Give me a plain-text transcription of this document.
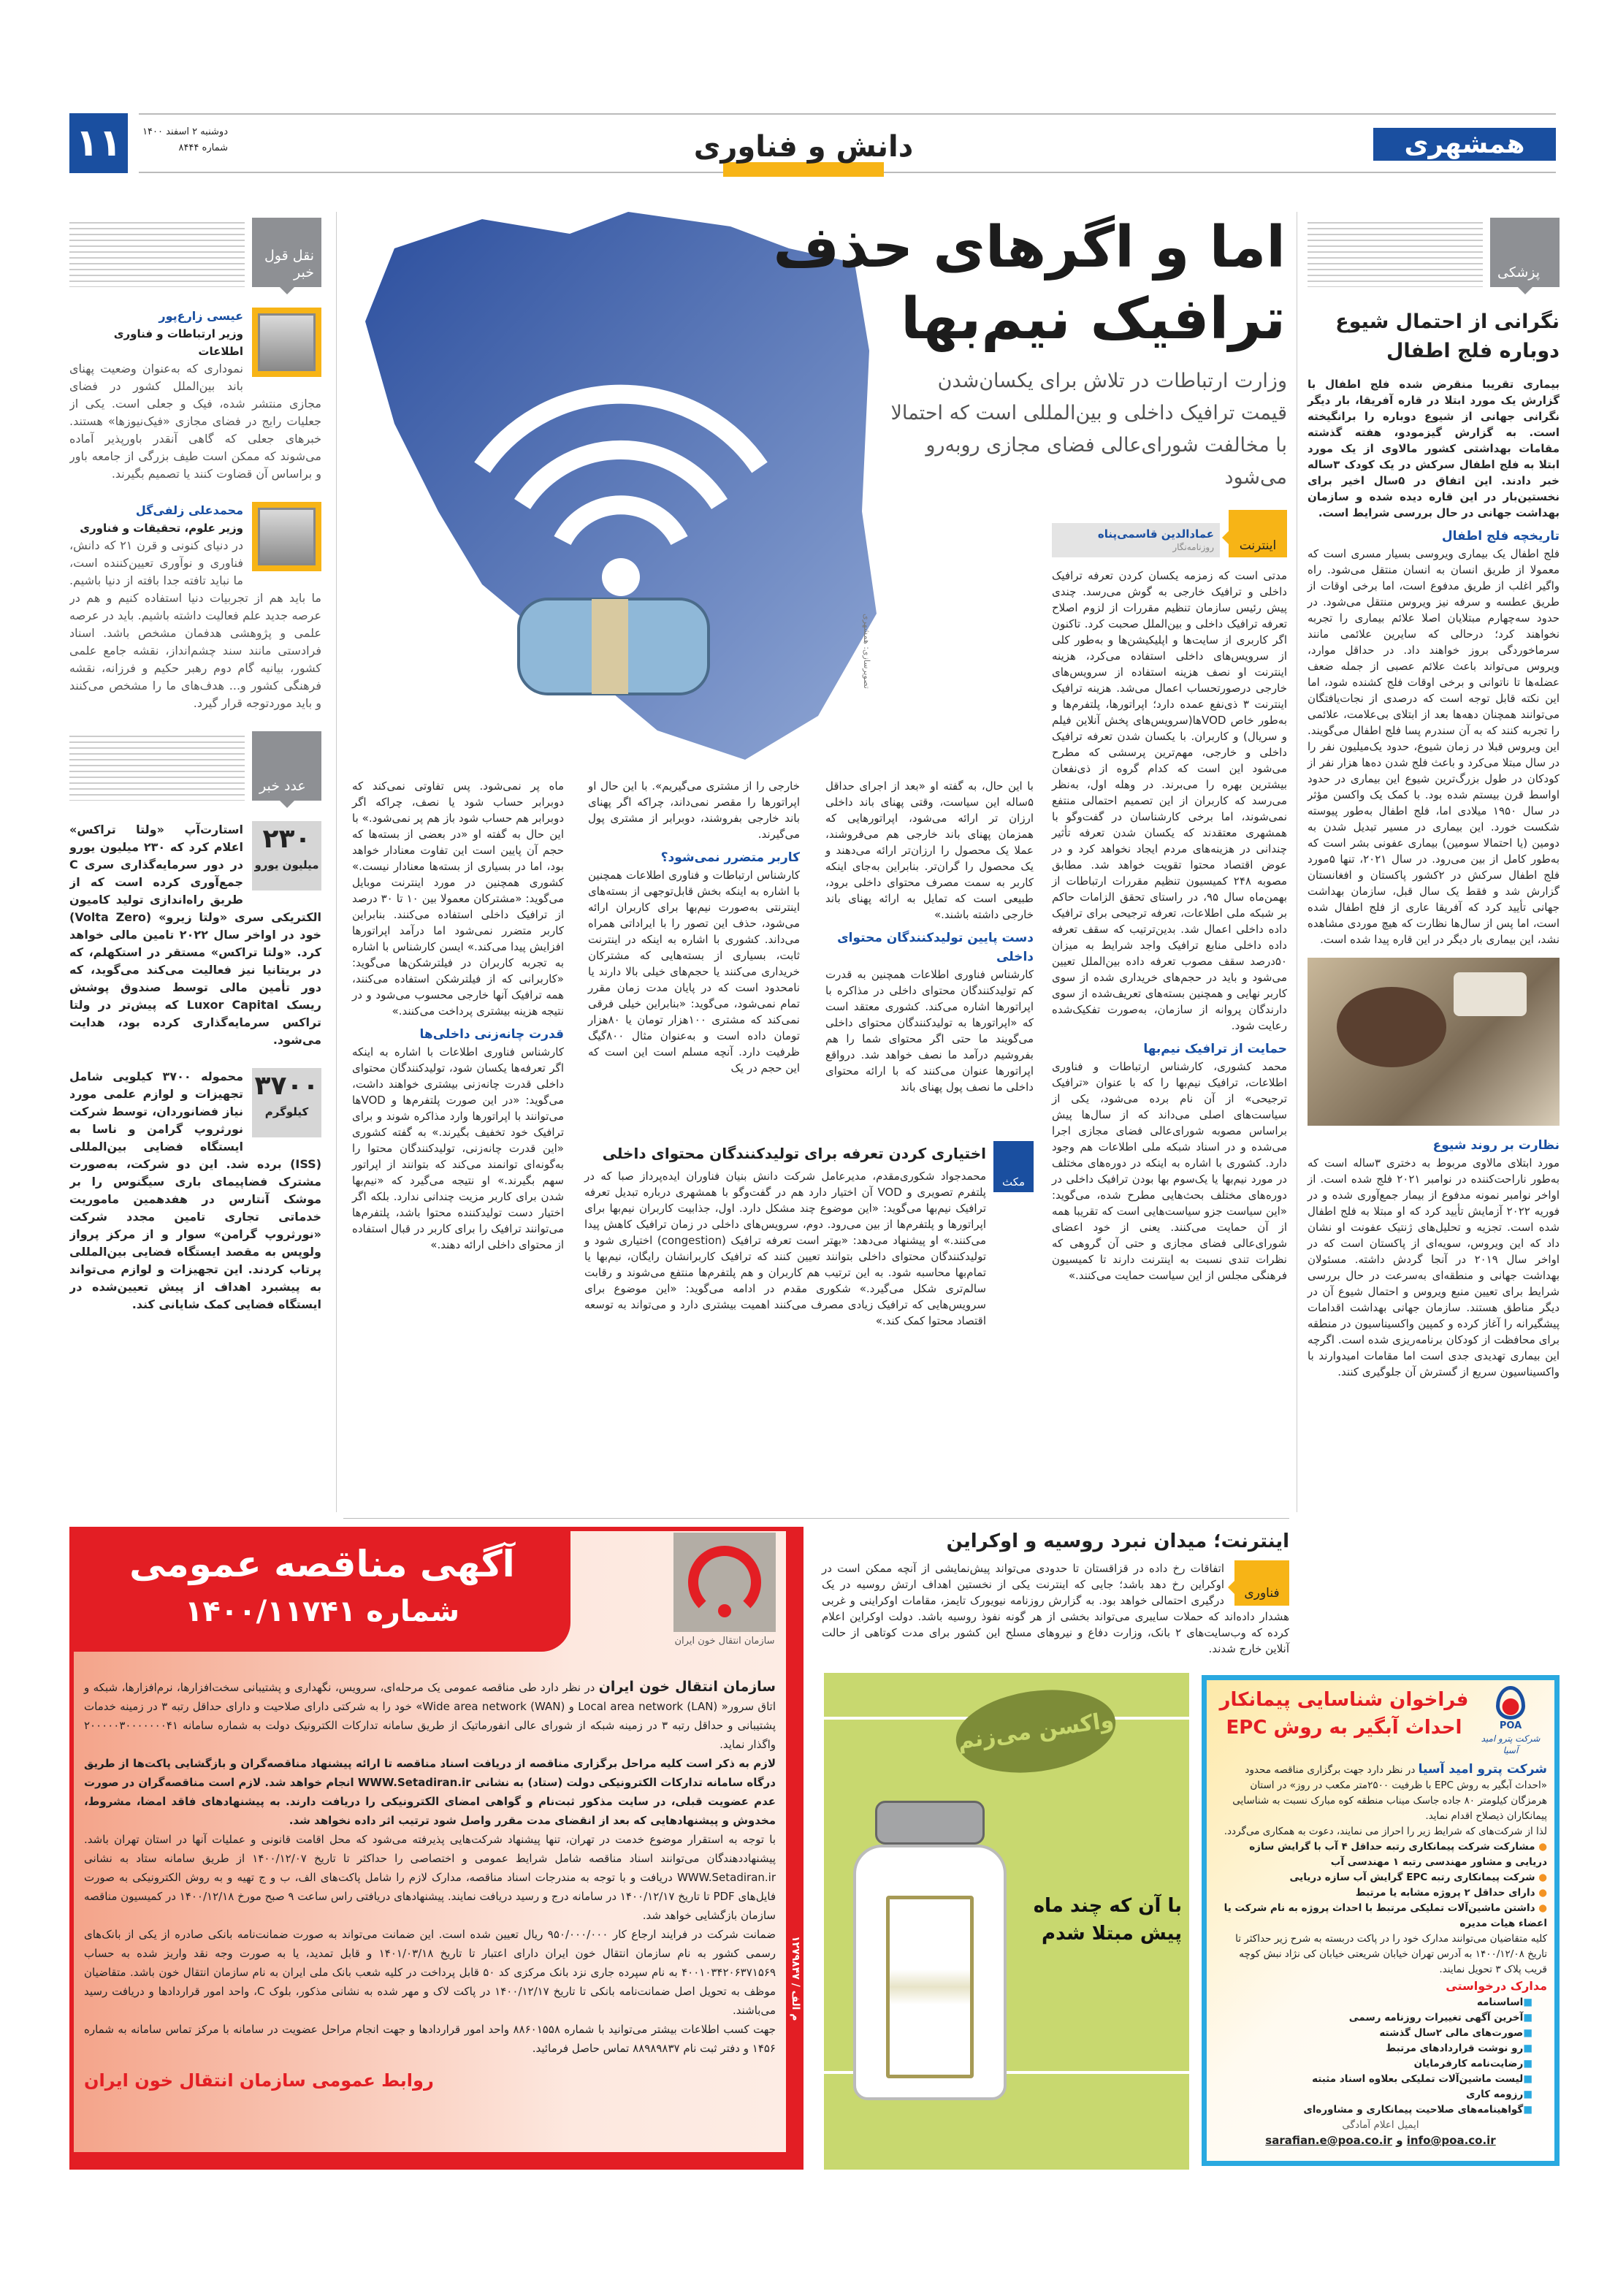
۱۱	دوشنبه ۲ اسفند ۱۴۰۰
شماره ۸۴۴۴	دانش و فناوری	همشهری
پزشکی
نگرانی از احتمال شیوع دوباره فلج اطفال
بیماری تقریبا منقرض شده فلج اطفال با گزارش یک مورد ابتلا در قاره آفریقا، بار دیگر نگرانی جهانی از شیوع دوباره را برانگیخته است. به گزارش گیزمودو، هفته گذشته مقامات بهداشتی کشور مالاوی از یک مورد ابتلا به فلج اطفال سرکش در یک کودک ۳ساله خبر دادند. این اتفاق در ۵سال اخیر برای نخستین‌بار در این قاره دیده شده و سازمان بهداشت جهانی در حال بررسی شرایط است.
تاریخچه فلج اطفال
فلج اطفال یک بیماری ویروسی بسیار مسری است که معمولا از طریق انسان به انسان منتقل می‌شود. راه واگیر اغلب از طریق مدفوع است، اما برخی اوقات از طریق عطسه و سرفه نیز ویروس منتقل می‌شود. در حدود سه‌چهارم مبتلایان اصلا علائم بیماری را تجربه نخواهند کرد؛ درحالی که سایرین علائمی مانند سرماخوردگی بروز خواهند داد. در حداقل موارد، ویروس می‌تواند باعث علائم عصبی از جمله ضعف عضله‌ها تا ناتوانی و برخی اوقات فلج کشنده شود، اما این نکته قابل توجه است که درصدی از نجات‌یافتگان می‌توانند همچنان دهه‌ها بعد از ابتلای بی‌علامت، علائمی را تجربه کنند که به آن سندرم پسا فلج اطفال می‌گویند. این ویروس قبلا در زمان شیوع، حدود یک‌میلیون نفر را در سال مبتلا می‌کرد و باعث فلج شدن ده‌ها هزار نفر از کودکان در طول بزرگ‌ترین شیوع این بیماری در حدود اواسط قرن بیستم شده بود. با کمک یک واکسن مؤثر در سال ۱۹۵۰ میلادی اما، فلج اطفال به‌طور پیوسته شکست خورد. این بیماری در مسیر تبدیل شدن به دومین (یا احتمالا سومین) بیماری عفونی بشر است که به‌طور کامل از بین می‌رود. در سال ۲۰۲۱، تنها ۵مورد فلج اطفال سرکش در ۲کشور پاکستان و افغانستان گزارش شد و فقط یک سال قبل، سازمان بهداشت جهانی تأیید کرد که آفریقا عاری از فلج اطفال شده است، اما پس از سال‌ها نظارت که هیچ موردی مشاهده نشد، این بیماری بار دیگر در این قاره پیدا شده است.
نظارت بر روند شیوع
مورد ابتلای مالاوی مربوط به دختری ۳ساله است که به‌طور ناراحت‌کننده در نوامبر ۲۰۲۱ فلج شده است. از اواخر نوامبر نمونه مدفوع از بیمار جمع‌آوری شده و در فوریه ۲۰۲۲ آزمایش تأیید کرد که او مبتلا به فلج اطفال شده است. تجزیه و تحلیل‌های ژنتیک عفونت او نشان داد که این ویروس، سویه‌ای از پاکستان است که در اواخر سال ۲۰۱۹ در آنجا گردش داشته. مسئولان بهداشت جهانی و منطقه‌ای به‌سرعت در حال بررسی شرایط برای تعیین منبع ویروس و احتمال شیوع آن در دیگر مناطق هستند. سازمان جهانی بهداشت اقدامات پیشگیرانه را آغاز کرده و کمپین واکسیناسیون در منطقه برای محافظت از کودکان برنامه‌ریزی شده است. اگرچه این بیماری تهدیدی جدی است اما مقامات امیدوارند با واکسیناسیون سریع از گسترش آن جلوگیری کنند.
تصویرسازی: همشهری
اما و اگرهای حذف
ترافیک نیم‌بها
وزارت ارتباطات در تلاش برای یکسان‌شدن قیمت ترافیک داخلی و بین‌المللی است که احتمالا با مخالفت شورای‌عالی فضای مجازی روبه‌رو می‌شود
اینترنت
عمادالدین قاسمی‌پناه
روزنامه‌نگار
مدتی است که زمزمه یکسان کردن تعرفه ترافیک داخلی و ترافیک خارجی به گوش می‌رسد. چندی پیش رئیس سازمان تنظیم مقررات از لزوم اصلاح تعرفه ترافیک داخلی و بین‌الملل صحبت کرد. تاکنون اگر کاربری از سایت‌ها و اپلیکیشن‌ها و به‌طور کلی از سرویس‌های داخلی استفاده می‌کرد، هزینه اینترنت او نصف هزینه استفاده از سرویس‌های خارجی درصورتحساب اعمال می‌شد. هزینه ترافیک اینترنت ۳ ذی‌نفع عمده دارد؛ اپراتورها، پلتفرم‌ها و به‌طور خاص VODها(سرویس‌های پخش آنلاین فیلم و سریال) و کاربران. با یکسان شدن تعرفه ترافیک داخلی و خارجی، مهم‌ترین پرسشی که مطرح می‌شود این است که کدام گروه از ذی‌نفعان بیشترین بهره را می‌برند. در وهله اول، به‌نظر می‌رسد که کاربران از این تصمیم احتمالی منتفع نمی‌شوند، اما برخی کارشناسان در گفت‌وگو با همشهری معتقدند که یکسان شدن تعرفه تأثیر چندانی در هزینه‌های مردم ایجاد نخواهد کرد و در عوض اقتصاد محتوا تقویت خواهد شد. مطابق مصوبه ۲۴۸ کمیسیون تنظیم مقررات ارتباطات از بهمن‌ماه سال ۹۵، در راستای تحقق الزامات حاکم بر شبکه ملی اطلاعات، تعرفه ترجیحی برای ترافیک داده داخلی اعمال شد. بدین‌ترتیب که سقف تعرفه داده داخلی منابع ترافیک واجد شرایط به میزان ۵۰درصد سقف مصوب تعرفه داده بین‌الملل تعیین می‌شود و باید در حجم‌های خریداری شده از سوی کاربر نهایی و همچنین بسته‌های تعریف‌شده از سوی دارندگان پروانه از سازمان، به‌صورت تفکیک‌شده رعایت شود.
حمایت از ترافیک نیم‌بها
محمد کشوری، کارشناس ارتباطات و فناوری اطلاعات، ترافیک نیم‌بها را که با عنوان «ترافیک ترجیحی» از آن نام برده می‌شود، یکی از سیاست‌های اصلی می‌داند که از سال‌ها پیش براساس مصوبه شورای‌عالی فضای مجازی اجرا می‌شده و در اسناد شبکه ملی اطلاعات هم وجود دارد. کشوری با اشاره به اینکه در دوره‌های مختلف در مورد نیم‌بها یا یک‌سوم بها بودن ترافیک داخلی در دوره‌های مختلف بحث‌هایی مطرح شده، می‌گوید: «این سیاست جزو سیاست‌هایی است که تقریبا همه از آن حمایت می‌کنند. یعنی از خود اعضای شورای‌عالی فضای مجازی و حتی آن گروهی که نظرات تندی نسبت به اینترنت دارند تا کمیسیون فرهنگی مجلس از این سیاست حمایت می‌کنند.»
با این حال، به گفته او «بعد از اجرای حداقل ۵ساله این سیاست، وقتی پهنای باند داخلی ارزان تر ارائه می‌شود، اپراتورهایی که همزمان پهنای باند خارجی هم می‌فروشند، عملا یک محصول را ارزان‌تر ارائه می‌دهند و یک محصول را گران‌تر. بنابراین به‌جای اینکه کاربر به سمت مصرف محتوای داخلی برود، طبیعی است که تمایل به ارائه پهنای باند خارجی داشته باشند.»
دست پایین تولیدکنندگان محتوای داخلی
کارشناس فناوری اطلاعات همچنین به قدرت کم تولیدکنندگان محتوای داخلی در مذاکره با اپراتورها اشاره می‌کند. کشوری معتقد است که «اپراتورها به تولیدکنندگان محتوای داخلی می‌گویند ما حتی اگر محتوای شما را هم بفروشیم درآمد ما نصف خواهد شد. درواقع اپراتورها عنوان می‌کنند که با ارائه محتوای داخلی ما نصف پول پهنای باند
خارجی را از مشتری می‌گیریم». با این حال او اپراتورها را مقصر نمی‌داند، چراکه اگر پهنای باند خارجی بفروشند، دوبرابر از مشتری پول می‌گیرند.
کاربر متضرر نمی‌شود؟
کارشناس ارتباطات و فناوری اطلاعات همچنین با اشاره به اینکه بخش قابل‌توجهی از بسته‌های اینترنتی به‌صورت نیم‌بها برای کاربران ارائه می‌شود، حذف این تصور را با ایراداتی همراه می‌داند. کشوری با اشاره به اینکه در اینترنت ثابت، بسیاری از بسته‌هایی که مشترکان خریداری می‌کنند یا حجم‌های خیلی بالا دارند یا نامحدود است که در پایان مدت زمان مقرر تمام نمی‌شود، می‌گوید: «بنابراین خیلی فرقی نمی‌کند که مشتری ۱۰۰هزار تومان یا ۸۰هزار تومان داده است و به‌عنوان مثال ۸۰۰گیگ ظرفیت دارد. آنچه مسلم است این است که این حجم در یک
ماه پر نمی‌شود. پس تفاوتی نمی‌کند که دوبرابر حساب شود یا نصف، چراکه اگر دوبرابر هم حساب شود باز هم پر نمی‌شود.» با این حال به گفته او «در بعضی از بسته‌ها که حجم آن پایین است این تفاوت معنادار خواهد بود، اما در بسیاری از بسته‌ها معنادار نیست.» کشوری همچنین در مورد اینترنت موبایل می‌گوید: «مشترکان معمولا بین ۱۰ تا ۳۰ درصد از ترافیک داخلی استفاده می‌کنند. بنابراین کاربر متضرر نمی‌شود اما درآمد اپراتورها افزایش پیدا می‌کند.» ایسن کارشناس با اشاره به تجربه کاربران در فیلترشکن‌ها می‌گوید: «کاربرانی که از فیلترشکن استفاده می‌کنند، همه ترافیک آنها خارجی محسوب می‌شود و در نتیجه هزینه بیشتری پرداخت می‌کنند.»
قدرت چانه‌زنی داخلی‌ها
کارشناس فناوری اطلاعات با اشاره به اینکه اگر تعرفه‌ها یکسان شود، تولیدکنندگان محتوای داخلی قدرت چانه‌زنی بیشتری خواهند داشت، می‌گوید: «در این صورت پلتفرم‌ها و VODها می‌توانند با اپراتورها وارد مذاکره شوند و برای ترافیک خود تخفیف بگیرند.» به گفته کشوری «این قدرت چانه‌زنی، تولیدکنندگان محتوا را به‌گونه‌ای توانمند می‌کند که بتوانند از اپراتور سهم بگیرند.» او نتیجه می‌گیرد که «نیم‌بها شدن برای کاربر مزیت چندانی ندارد. بلکه اگر اختیار دست تولیدکننده محتوا باشد، پلتفرم‌ها می‌توانند ترافیک را برای کاربر در قبال استفاده از محتوای داخلی ارائه دهند.»
مکث
اختیاری کردن تعرفه برای تولیدکنندگان محتوای داخلی
محمدجواد شکوری‌مقدم، مدیرعامل شرکت دانش بنیان فناوران ایده‌پرداز صبا که در پلتفرم تصویری و VOD آن اختیار دارد هم در گفت‌وگو با همشهری درباره تبدیل تعرفه ترافیک نیم‌بها می‌گوید: «این موضوع چند مشکل دارد. اول، جذابیت کاربران نیم‌بها برای اپراتورها و پلتفرم‌ها از بین می‌رود. دوم، سرویس‌های داخلی در زمان ترافیک کاهش پیدا می‌کنند.» او پیشنهاد می‌دهد: «بهتر است تعرفه ترافیک (congestion) اختیاری شود و تولیدکنندگان محتوای داخلی بتوانند تعیین کنند که ترافیک کاربرانشان رایگان، نیم‌بها یا تمام‌بها محاسبه شود. به این ترتیب هم کاربران و هم پلتفرم‌ها منتفع می‌شوند و رقابت سالم‌تری شکل می‌گیرد.» شکوری مقدم در ادامه می‌گوید: «این موضوع برای سرویس‌هایی که ترافیک زیادی مصرف می‌کنند اهمیت بیشتری دارد و می‌تواند به توسعه اقتصاد محتوا کمک کند.»
نقل قول خبر
عیسی زارع‌پور
وزیر ارتباطات و فناوری اطلاعات
نموداری که به‌عنوان وضعیت پهنای باند بین‌الملل کشور در فضای مجازی منتشر شده، فیک و جعلی است. یکی از جعلیات رایج در فضای مجازی «فیک‌نیوزها» هستند. خبرهای جعلی که گاهی آنقدر باورپذیر آماده می‌شوند که ممکن است طیف بزرگی از جامعه باور و براساس آن قضاوت کنند یا تصمیم بگیرند.
محمدعلی زلفی‌گل
وزیر علوم، تحقیقات و فناوری
در دنیای کنونی و قرن ۲۱ که دانش، فناوری و نوآوری تعیین‌کننده است، ما نباید تافته جدا بافته از دنیا باشیم. ما باید هم از تجربیات دنیا استفاده کنیم و هم در عرصه جدید علم فعالیت داشته باشیم. باید در عرصه علمی و پژوهشی هدفمان مشخص باشد. اسناد فرادستی مانند سند چشم‌انداز، نقشه جامع علمی کشور، بیانیه گام دوم رهبر حکیم و فرزانه، نقشه فرهنگی کشور و... هدف‌های ما را مشخص می‌کنند و باید موردتوجه قرار گیرد.
عدد خبر
۲۳۰
میلیون یورو
استارت‌آپ «ولتا تراکس» اعلام کرد که ۲۳۰ میلیون یورو در دور سرمایه‌گذاری سری C جمع‌آوری کرده است که از طریق راه‌اندازی تولید کامیون الکتریکی سری «ولتا زیرو» (Volta Zero) خود در اواخر سال ۲۰۲۲ تامین مالی خواهد کرد. «ولتا تراکس» مستقر در استکهلم، که در بریتانیا نیز فعالیت می‌کند می‌گوید، که دور تأمین مالی توسط صندوق پوشش ریسک Luxor Capital که پیش‌تر در ولتا تراکس سرمایه‌گذاری کرده بود، هدایت می‌شود.
۳۷۰۰
کیلوگرم
محموله ۳۷۰۰ کیلویی شامل تجهیزات و لوازم علمی مورد نیاز فضانوردان، توسط شرکت نورثروپ گرامن و ناسا به ایستگاه فضایی بین‌المللی (ISS) برده شد. این دو شرکت، به‌صورت مشترک فضاپیمای باری سیگنوس را بر موشک آنتارس در هفدهمین ماموریت خدماتی تجاری تامین مجدد شرکت «نورثروپ گرامن» سوار و از مرکز پرواز ولوپس به مقصد ایستگاه فضایی بین‌المللی پرتاب کردند. این تجهیزات و لوازم می‌تواند به پیشبرد اهداف از پیش تعیین‌شده در ایستگاه فضایی کمک شایانی کند.
اینترنت؛ میدان نبرد روسیه و اوکراین
فناوری
اتفاقات رخ داده در قزاقستان تا حدودی می‌تواند پیش‌نمایشی از آنچه ممکن است در اوکراین رخ دهد باشد؛ جایی که اینترنت یکی از نخستین اهداف ارتش روسیه در یک درگیری احتمالی خواهد بود. به گزارش روزنامه نیویورک تایمز، مقامات اوکراینی و غربی هشدار داده‌اند که حملات سایبری می‌تواند بخشی از هر گونه نفوذ روسیه باشد. دولت اوکراین اعلام کرده که وب‌سایت‌های ۲ بانک، وزارت دفاع و نیروهای مسلح این کشور برای مدت کوتاهی از حالت آنلاین خارج شدند.
آگهی مناقصه عمومی
شماره ۱۴۰۰/۱۱۷۴۱
سازمان انتقال خون ایران

سازمان انتقال خون ایران در نظر دارد طی مناقصه عمومی یک مرحله‌ای، سرویس، نگهداری و پشتیبانی سخت‌افزارها، نرم‌افزارها، شبکه و اتاق سرور« Local area network (LAN) و Wide area network (WAN)» خود را به شرکتی دارای صلاحیت و دارای حداقل رتبه ۳ در زمینه خدمات پشتیبانی و حداقل رتبه ۳ در زمینه شبکه از شورای عالی انفورماتیک از طریق سامانه تدارکات الکترونیک دولت به شماره سامانه ۲۰۰۰۰۰۳۰۰۰۰۰۰۰۴۱ واگذار نماید.

لازم به ذکر است کلیه مراحل برگزاری مناقصه از دریافت اسناد مناقصه تا ارائه پیشنهاد مناقصه‌گران و بازگشایی پاکت‌ها از طریق درگاه سامانه تدارکات الکترونیکی دولت (ستاد) به نشانی WWW.Setadiran.ir انجام خواهد شد. لازم است مناقصه‌گران در صورت عدم عضویت قبلی، در سایت مذکور ثبت‌نام و گواهی امضای الکترونیکی را دریافت دارند. به پیشنهادهای فاقد امضا، مشروط، مخدوش و پیشنهادهایی که بعد از انقضای مدت مقرر واصل شود ترتیب اثر داده نخواهد شد.

با توجه به استقرار موضوع خدمت در تهران، تنها پیشنهاد شرکت‌هایی پذیرفته می‌شود که محل اقامت قانونی و عملیات آنها در استان تهران باشد. پیشنهاددهندگان می‌توانند اسناد مناقصه شامل شرایط عمومی و اختصاصی را حداکثر تا تاریخ ۱۴۰۰/۱۲/۰۷ از طریق سامانه ستاد به نشانی WWW.Setadiran.ir دریافت و با توجه به مندرجات اسناد مناقصه، مدارک لازم را شامل پاکت‌های الف، ب و ج تهیه و به روش الکترونیکی به صورت فایل‌های PDF تا تاریخ ۱۴۰۰/۱۲/۱۷ در سامانه درج و رسید دریافت نمایند. پیشنهادهای دریافتی راس ساعت ۹ صبح مورخ ۱۴۰۰/۱۲/۱۸ در کمیسیون مناقصه سازمان بازگشایی خواهد شد.

ضمانت شرکت در فرایند ارجاع کار ۹۵۰/۰۰۰/۰۰۰ ریال تعیین شده است. این ضمانت می‌تواند به صورت ضمانت‌نامه بانکی صادره از یکی از بانک‌های رسمی کشور به نام سازمان انتقال خون ایران دارای اعتبار تا تاریخ ۱۴۰۱/۰۳/۱۸ و قابل تمدید، یا به صورت وجه نقد واریز شده به حساب ۴۰۰۱۰۳۴۲۰۶۳۷۱۵۶۹ به نام سپرده جاری نزد بانک مرکزی کد ۵۰ قابل پرداخت در کلیه شعب بانک ملی ایران به نام سازمان انتقال خون باشد. متقاضیان موظف به تحویل اصل ضمانت‌نامه بانکی تا تاریخ ۱۴۰۰/۱۲/۱۷ در پاکت لاک و مهر شده به نشانی مذکور، بلوک C، واحد امور قراردادها و دریافت رسید می‌باشند.

جهت کسب اطلاعات بیشتر می‌توانید با شماره ۸۸۶۰۱۵۵۸ واحد امور قراردادها و جهت انجام مراحل عضویت در سامانه با مرکز تماس سامانه به شماره ۱۴۵۶ و دفتر ثبت نام ۸۸۹۸۹۸۳۷ تماس حاصل فرمائید.

روابط عمومی سازمان انتقال خون ایران
۱۲۷۹۸۴۷ / م الف
واکسن می‌زنم
با آن که چند ماه
پیش مبتلا شدم
POA
شرکت پترو امید آسیا
فراخوان شناسایی پیمانکار
احداث آبگیر به روش EPC

شرکت پترو امید آسیا در نظر دارد جهت برگزاری مناقصه محدود «احداث آبگیر به روش EPC با ظرفیت ۲۵۰۰متر مکعب در روز» در استان هرمزگان کیلومتر ۸۰ جاده جاسک میناب منطقه کوه مبارک نسبت به شناسایی پیمانکاران ذیصلاح اقدام نماید.

لذا از شرکت‌های که شرایط زیر را احراز می نمایند، دعوت به همکاری می‌گردد.

● مشارکت شرکت پیمانکاری رتبه حداقل ۴ آب با گرایش سازه دریایی و مشاور مهندسی رتبه ۱ مهندسی آب
● شرکت پیمانکاری رتبه EPC گرایش آب سازه دریایی
● دارای حداقل ۲ پروژه مشابه یا مرتبط
● داشتن ماشین‌آلات تملیکی مرتبط با احداث پروژه به نام شرکت یا اعضاء هیات مدیره

کلیه متقاضیان می‌توانند مدارک خود را در پاکت دربسته به شرح زیر حداکثر تا تاریخ ۱۴۰۰/۱۲/۰۸ به آدرس تهران خیابان شریعتی خیابان کی نژاد نبش کوچه قریب پلاک ۳ تحویل نمایند.

مدارک درخواستی
■اساسنامه
■آخرین آگهی تغییرات روزنامه رسمی
■صورت‌های مالی ۲سال گذشته
■رو نوشت قراردادهای مرتبط
■رضایت‌نامه کارفرمایان
■لیست ماشین‌آلات تملیکی بعلاوه اسناد مثبته
■رزومه کاری
■گواهینامه‌های صلاحیت پیمانکاری و مشاوره‌ای
ایمیل اعلام آمادگی
sarafian.e@poa.co.ir و info@poa.co.ir
